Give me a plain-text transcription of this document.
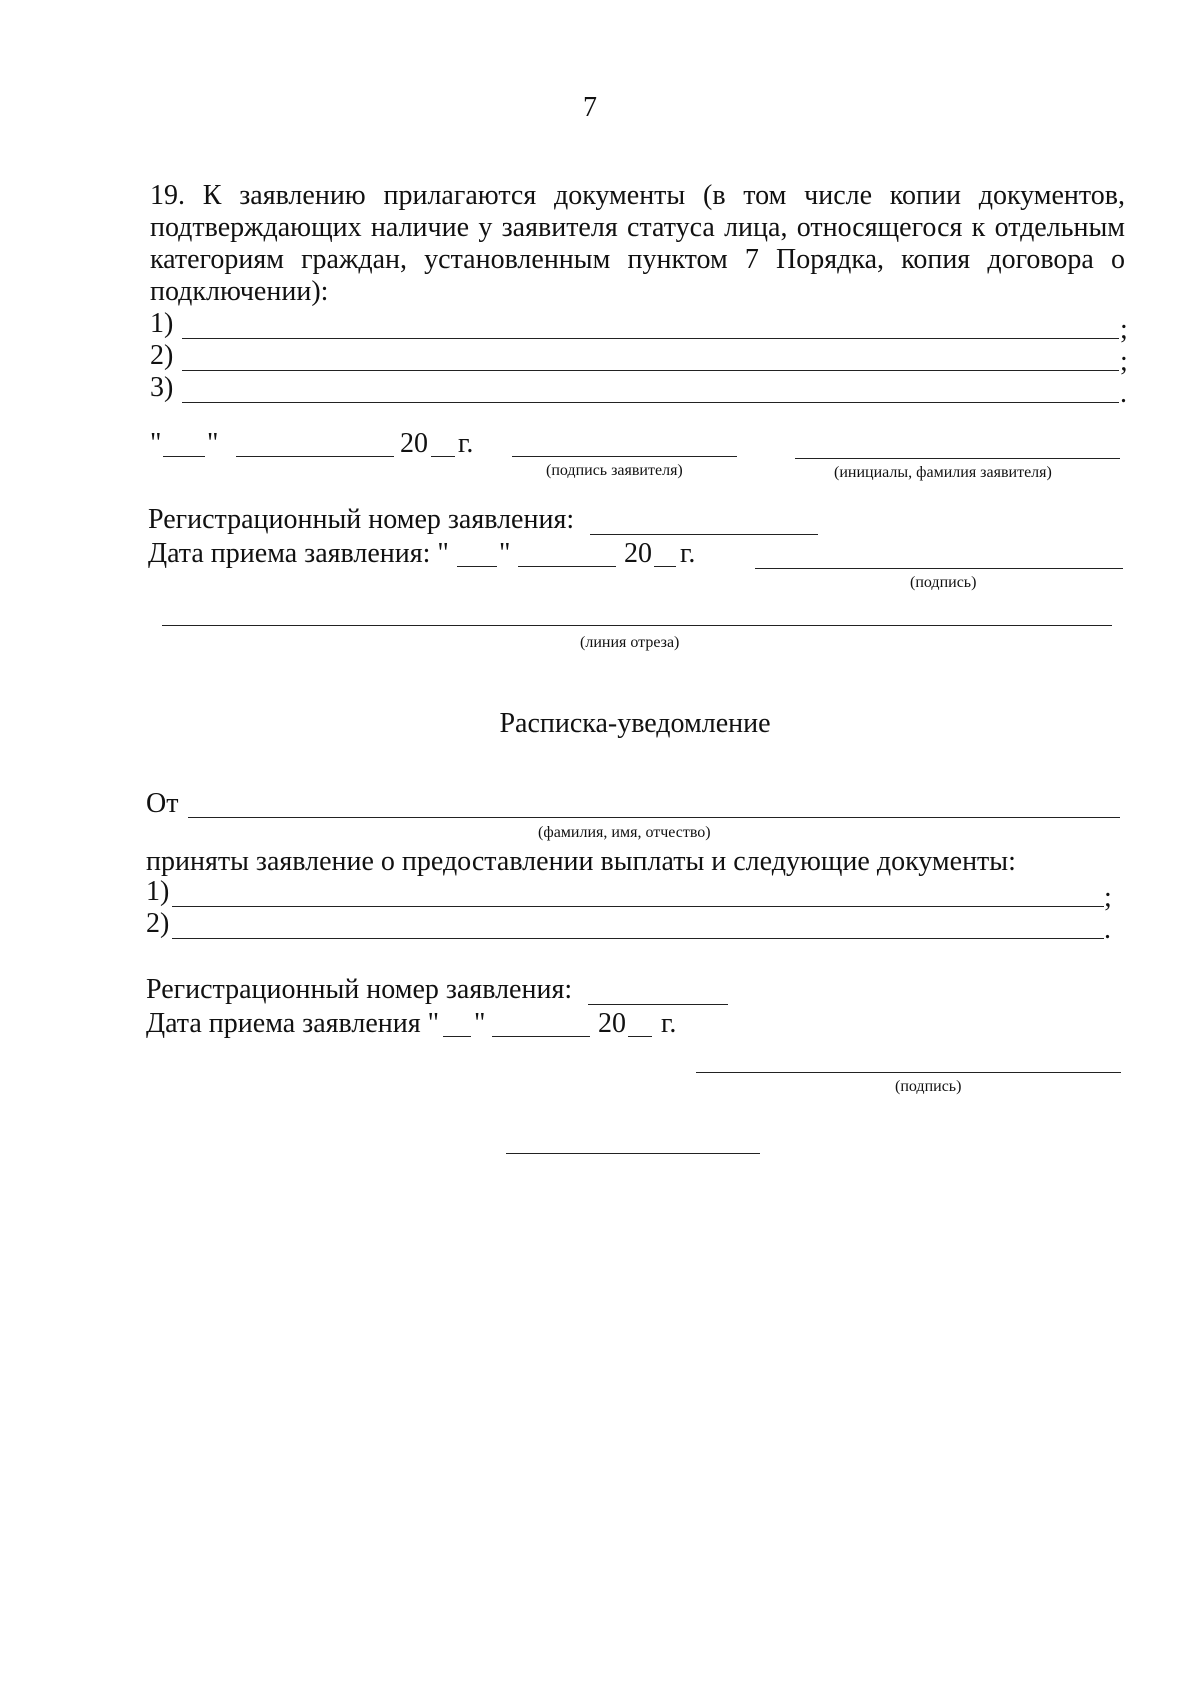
7
19. К заявлению прилагаются документы (в том числе копии документов, подтверждающих наличие у заявителя статуса лица, относящегося к отдельным категориям граждан, установленным пунктом 7 Порядка, копия договора о подключении):
1)	;
2)	;
3)	.
" "	20 г.
(подпись заявителя)	(инициалы, фамилия заявителя)
Регистрационный номер заявления:
Дата приема заявления: " "	20 г.
(подпись)
(линия отреза)
Расписка-уведомление
От
(фамилия, имя, отчество)
приняты заявление о предоставлении выплаты и следующие документы:
1)	;
2)	.
Регистрационный номер заявления:
Дата приема заявления " "	20 г.
(подпись)
